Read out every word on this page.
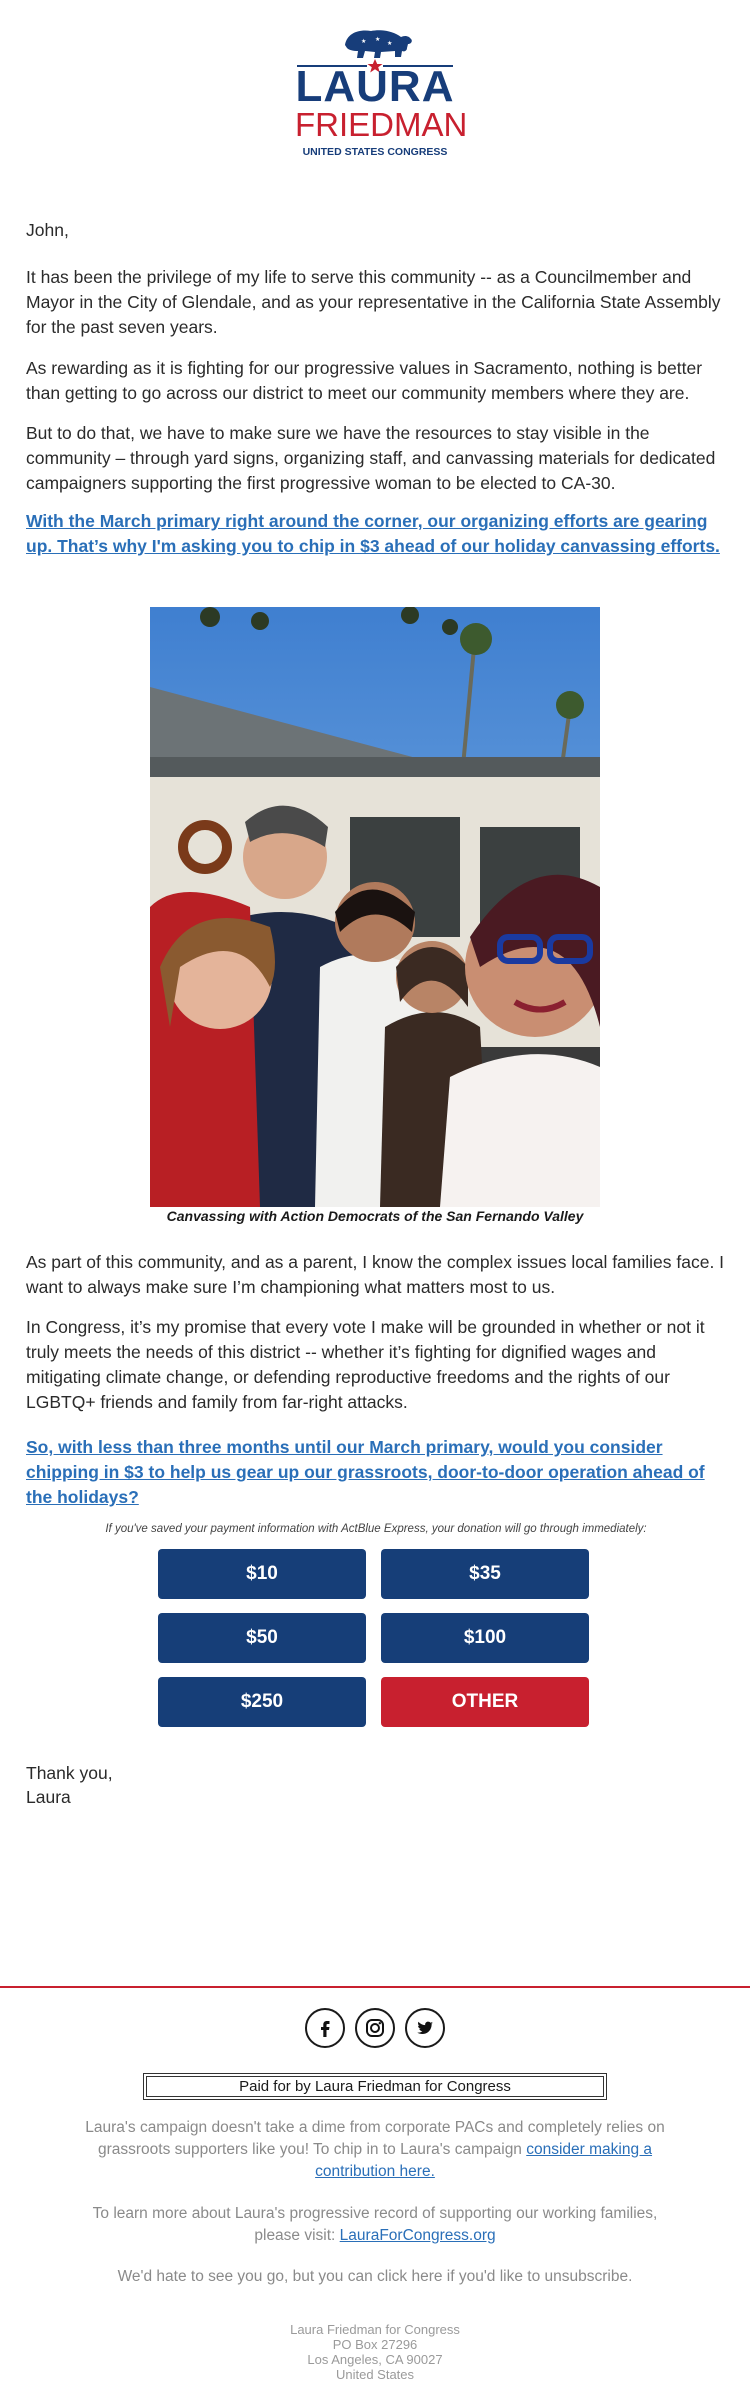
★ ★
★
LAURA
FRIEDMAN
UNITED STATES CONGRESS

John,

It has been the privilege of my life to serve this community -- as a Councilmember and Mayor in the City of Glendale, and as your representative in the California State Assembly for the past seven years.

As rewarding as it is fighting for our progressive values in Sacramento, nothing is better than getting to go across our district to meet our community members where they are.

But to do that, we have to make sure we have the resources to stay visible in the community – through yard signs, organizing staff, and canvassing materials for dedicated campaigners supporting the first progressive woman to be elected to CA-30.

With the March primary right around the corner, our organizing efforts are gearing up. That’s why I'm asking you to chip in $3 ahead of our holiday canvassing efforts.

Canvassing with Action Democrats of the San Fernando Valley

As part of this community, and as a parent, I know the complex issues local families face. I want to always make sure I’m championing what matters most to us.

In Congress, it’s my promise that every vote I make will be grounded in whether or not it truly meets the needs of this district -- whether it’s fighting for dignified wages and mitigating climate change, or defending reproductive freedoms and the rights of our LGBTQ+ friends and family from far-right attacks.

So, with less than three months until our March primary, would you consider chipping in $3 to help us gear up our grassroots, door-to-door operation ahead of the holidays?

If you've saved your payment information with ActBlue Express, your donation will go through immediately:
$10	$35
$50	$100
$250	OTHER

Thank you,

Laura

Paid for by Laura Friedman for Congress

Laura's campaign doesn't take a dime from corporate PACs and completely relies on grassroots supporters like you! To chip in to Laura's campaign consider making a contribution here.

To learn more about Laura's progressive record of supporting our working families, please visit: LauraForCongress.org

We'd hate to see you go, but you can click here if you'd like to unsubscribe.

Laura Friedman for Congress
PO Box 27296
Los Angeles, CA 90027
United States
